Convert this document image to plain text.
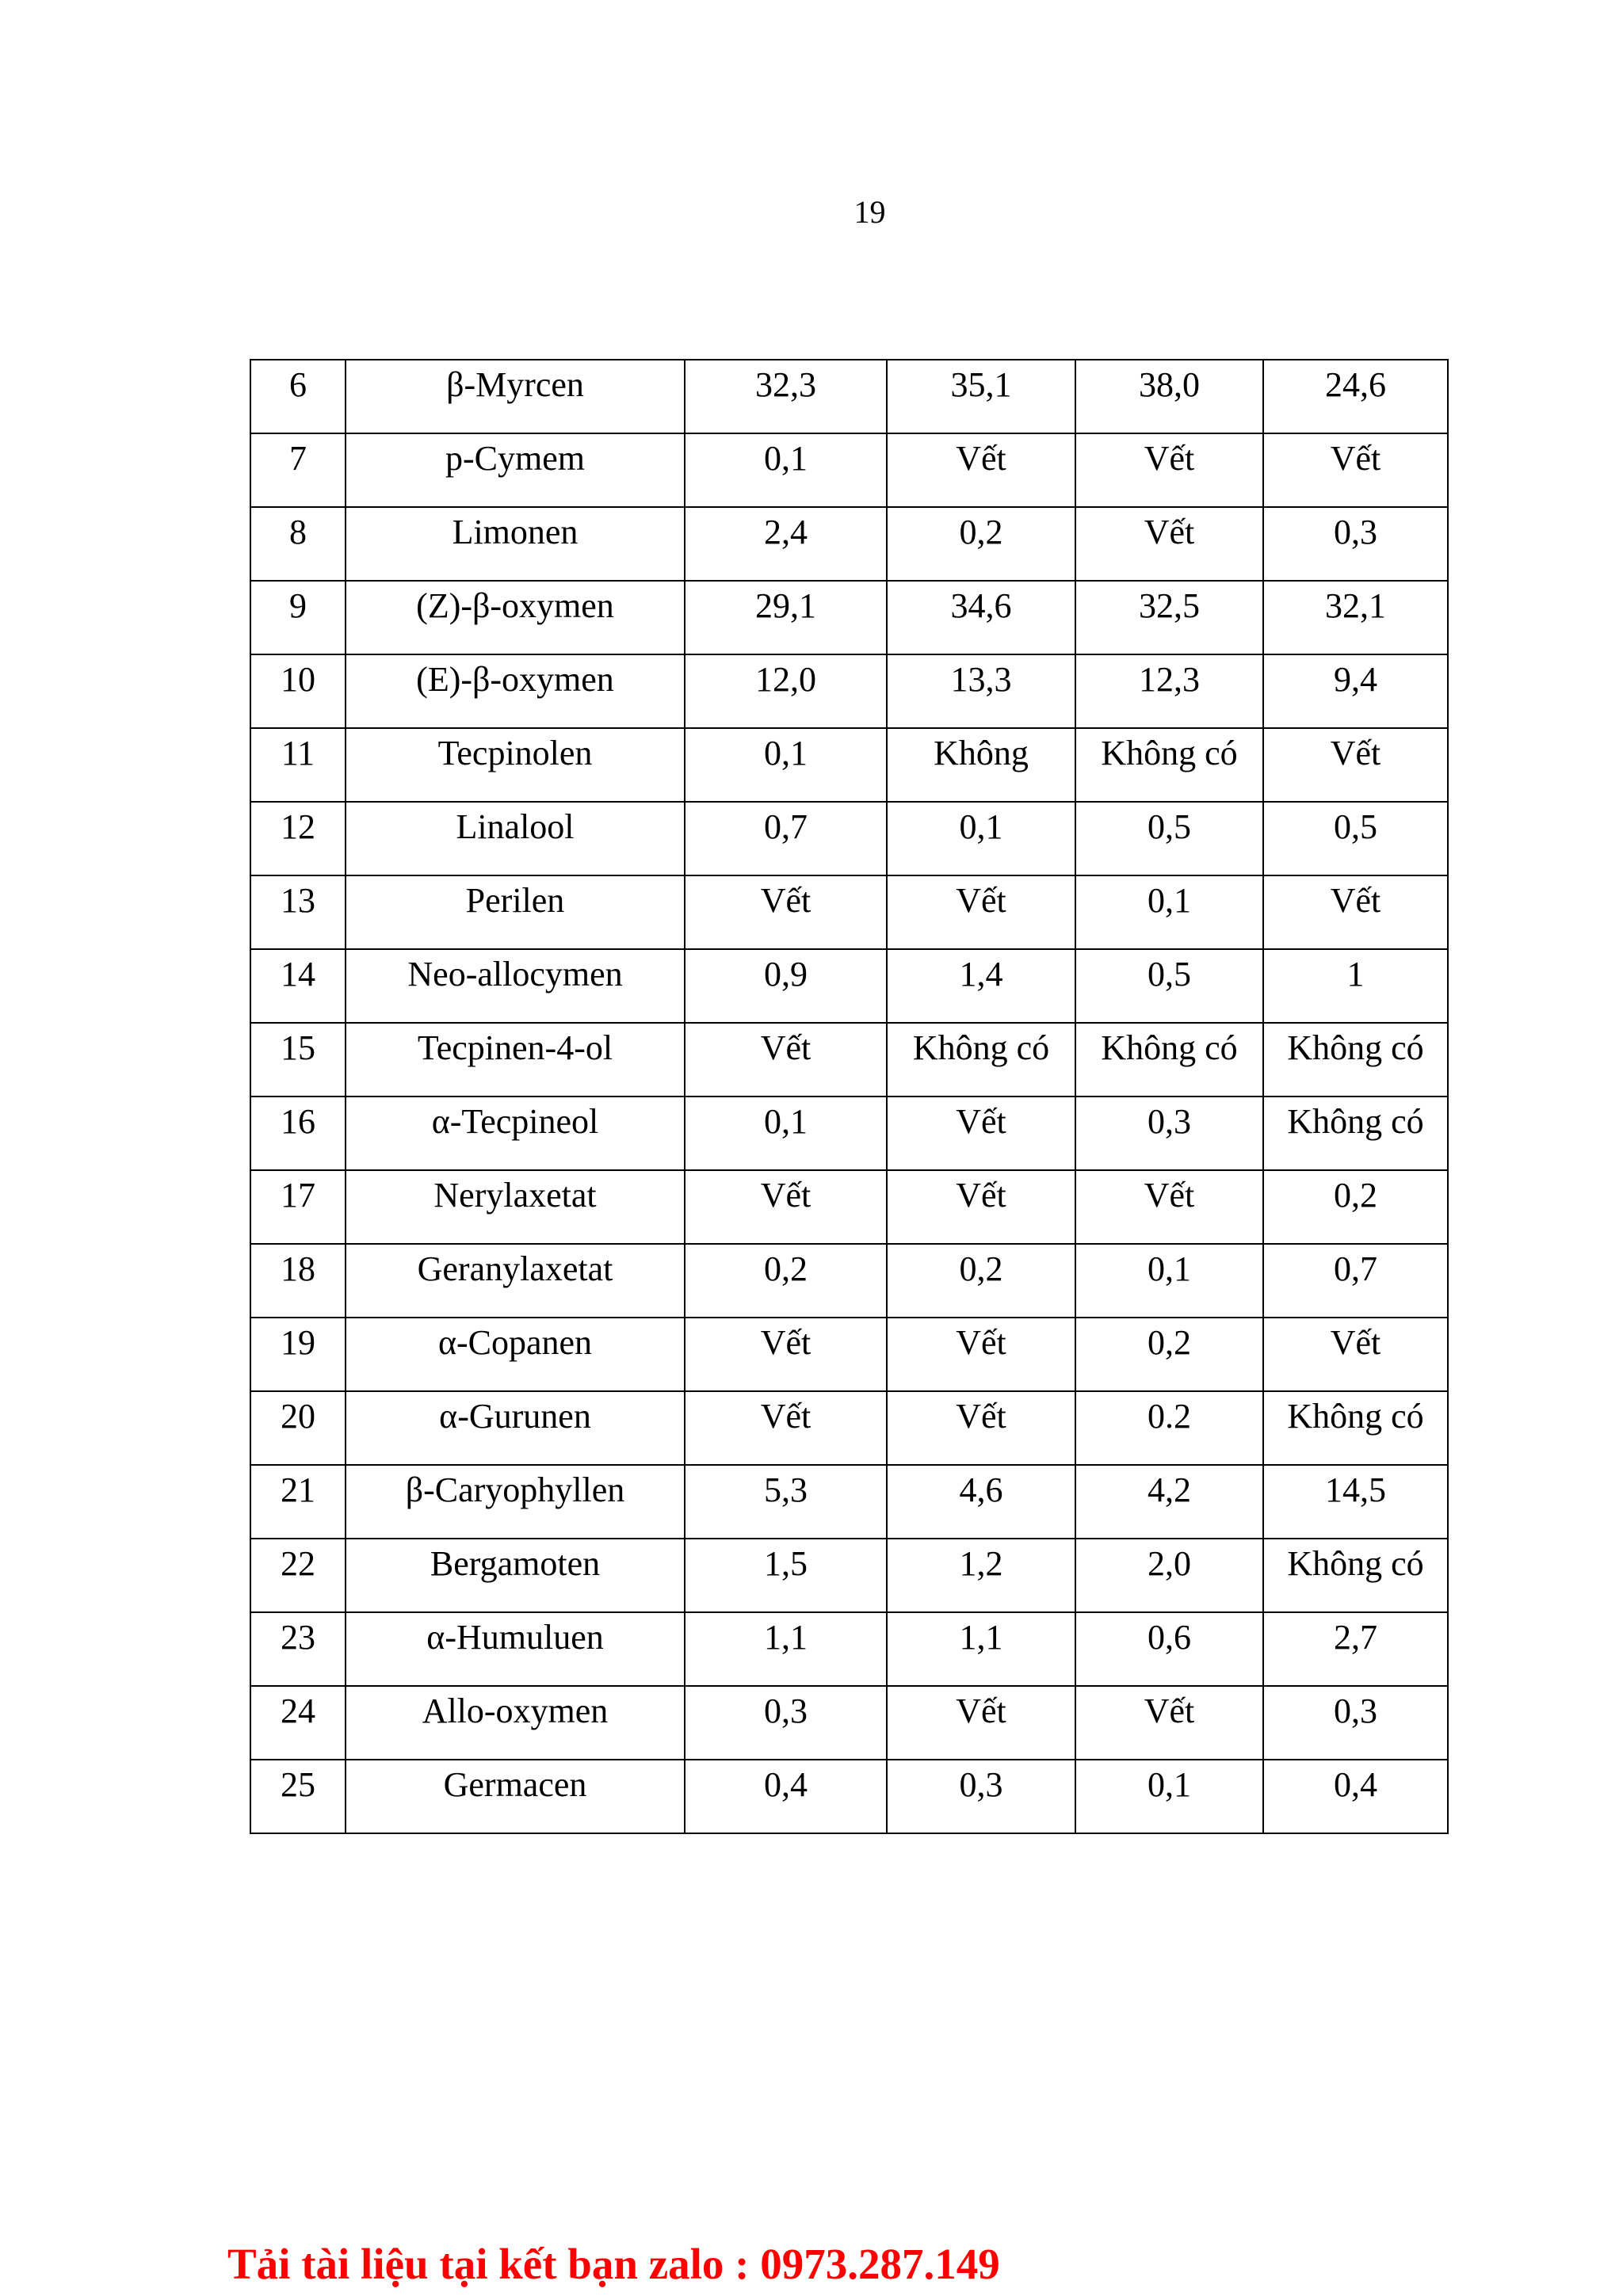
19
6	β-Myrcen	32,3	35,1	38,0	24,6
7	p-Cymem	0,1	Vết	Vết	Vết
8	Limonen	2,4	0,2	Vết	0,3
9	(Z)-β-oxymen	29,1	34,6	32,5	32,1
10	(E)-β-oxymen	12,0	13,3	12,3	9,4
11	Tecpinolen	0,1	Không	Không có	Vết
12	Linalool	0,7	0,1	0,5	0,5
13	Perilen	Vết	Vết	0,1	Vết
14	Neo-allocymen	0,9	1,4	0,5	1
15	Tecpinen-4-ol	Vết	Không có	Không có	Không có
16	α-Tecpineol	0,1	Vết	0,3	Không có
17	Nerylaxetat	Vết	Vết	Vết	0,2
18	Geranylaxetat	0,2	0,2	0,1	0,7
19	α-Copanen	Vết	Vết	0,2	Vết
20	α-Gurunen	Vết	Vết	0.2	Không có
21	β-Caryophyllen	5,3	4,6	4,2	14,5
22	Bergamoten	1,5	1,2	2,0	Không có
23	α-Humuluen	1,1	1,1	0,6	2,7
24	Allo-oxymen	0,3	Vết	Vết	0,3
25	Germacen	0,4	0,3	0,1	0,4
Tải tài liệu tại kết bạn zalo : 0973.287.149
